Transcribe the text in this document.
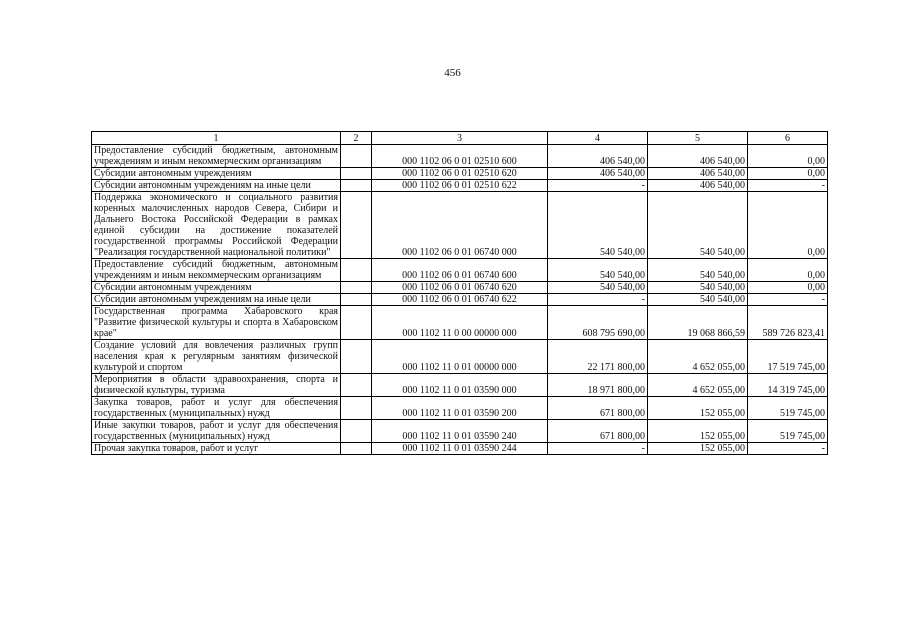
456
1	2	3	4	5	6
Предоставление субсидий бюджетным, автономным учреждениям и иным некоммерческим организациям		000 1102 06 0 01 02510 600	406 540,00	406 540,00	0,00
Субсидии автономным учреждениям		000 1102 06 0 01 02510 620	406 540,00	406 540,00	0,00
Субсидии автономным учреждениям на иные цели		000 1102 06 0 01 02510 622	-	406 540,00	-
Поддержка экономического и социального развития коренных малочисленных народов Севера, Сибири и Дальнего Востока Российской Федерации в рамках единой субсидии на достижение показателей государственной программы Российской Федерации "Реализация государственной национальной политики"		000 1102 06 0 01 06740 000	540 540,00	540 540,00	0,00
Предоставление субсидий бюджетным, автономным учреждениям и иным некоммерческим организациям		000 1102 06 0 01 06740 600	540 540,00	540 540,00	0,00
Субсидии автономным учреждениям		000 1102 06 0 01 06740 620	540 540,00	540 540,00	0,00
Субсидии автономным учреждениям на иные цели		000 1102 06 0 01 06740 622	-	540 540,00	-
Государственная программа Хабаровского края "Развитие физической культуры и спорта в Хабаровском крае"		000 1102 11 0 00 00000 000	608 795 690,00	19 068 866,59	589 726 823,41
Создание условий для вовлечения различных групп населения края к регулярным занятиям физической культурой и спортом		000 1102 11 0 01 00000 000	22 171 800,00	4 652 055,00	17 519 745,00
Мероприятия в области здравоохранения, спорта и физической культуры, туризма		000 1102 11 0 01 03590 000	18 971 800,00	4 652 055,00	14 319 745,00
Закупка товаров, работ и услуг для обеспечения государственных (муниципальных) нужд		000 1102 11 0 01 03590 200	671 800,00	152 055,00	519 745,00
Иные закупки товаров, работ и услуг для обеспечения государственных (муниципальных) нужд		000 1102 11 0 01 03590 240	671 800,00	152 055,00	519 745,00
Прочая закупка товаров, работ и услуг		000 1102 11 0 01 03590 244	-	152 055,00	-
